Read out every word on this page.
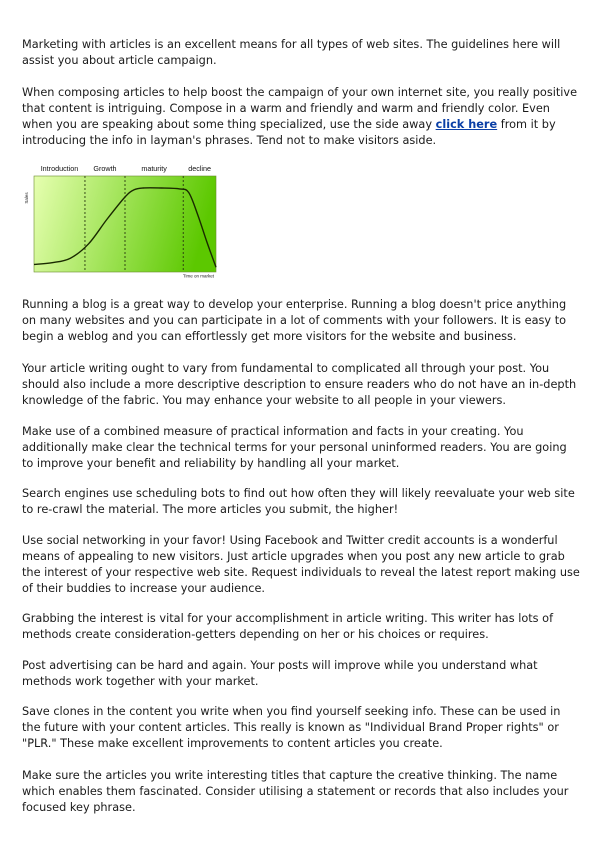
Marketing with articles is an excellent means for all types of web sites. The guidelines here will assist you about article campaign.

When composing articles to help boost the campaign of your own internet site, you really positive that content is intriguing. Compose in a warm and friendly and warm and friendly color. Even when you are speaking about some thing specialized, use the side away click here from it by introducing the info in layman's phrases. Tend not to make visitors aside.

Introduction Growth	maturity	decline
Sales
Time on market

Running a blog is a great way to develop your enterprise. Running a blog doesn't price anything on many websites and you can participate in a lot of comments with your followers. It is easy to begin a weblog and you can effortlessly get more visitors for the website and business.

Your article writing ought to vary from fundamental to complicated all through your post. You should also include a more descriptive description to ensure readers who do not have an in-depth knowledge of the fabric. You may enhance your website to all people in your viewers.

Make use of a combined measure of practical information and facts in your creating. You additionally make clear the technical terms for your personal uninformed readers. You are going to improve your benefit and reliability by handling all your market.

Search engines use scheduling bots to find out how often they will likely reevaluate your web site to re-crawl the material. The more articles you submit, the higher!

Use social networking in your favor! Using Facebook and Twitter credit accounts is a wonderful means of appealing to new visitors. Just article upgrades when you post any new article to grab the interest of your respective web site. Request individuals to reveal the latest report making use of their buddies to increase your audience.

Grabbing the interest is vital for your accomplishment in article writing. This writer has lots of methods create consideration-getters depending on her or his choices or requires.

Post advertising can be hard and again. Your posts will improve while you understand what methods work together with your market.

Save clones in the content you write when you find yourself seeking info. These can be used in the future with your content articles. This really is known as "Individual Brand Proper rights" or "PLR." These make excellent improvements to content articles you create.

Make sure the articles you write interesting titles that capture the creative thinking. The name which enables them fascinated. Consider utilising a statement or records that also includes your focused key phrase.
